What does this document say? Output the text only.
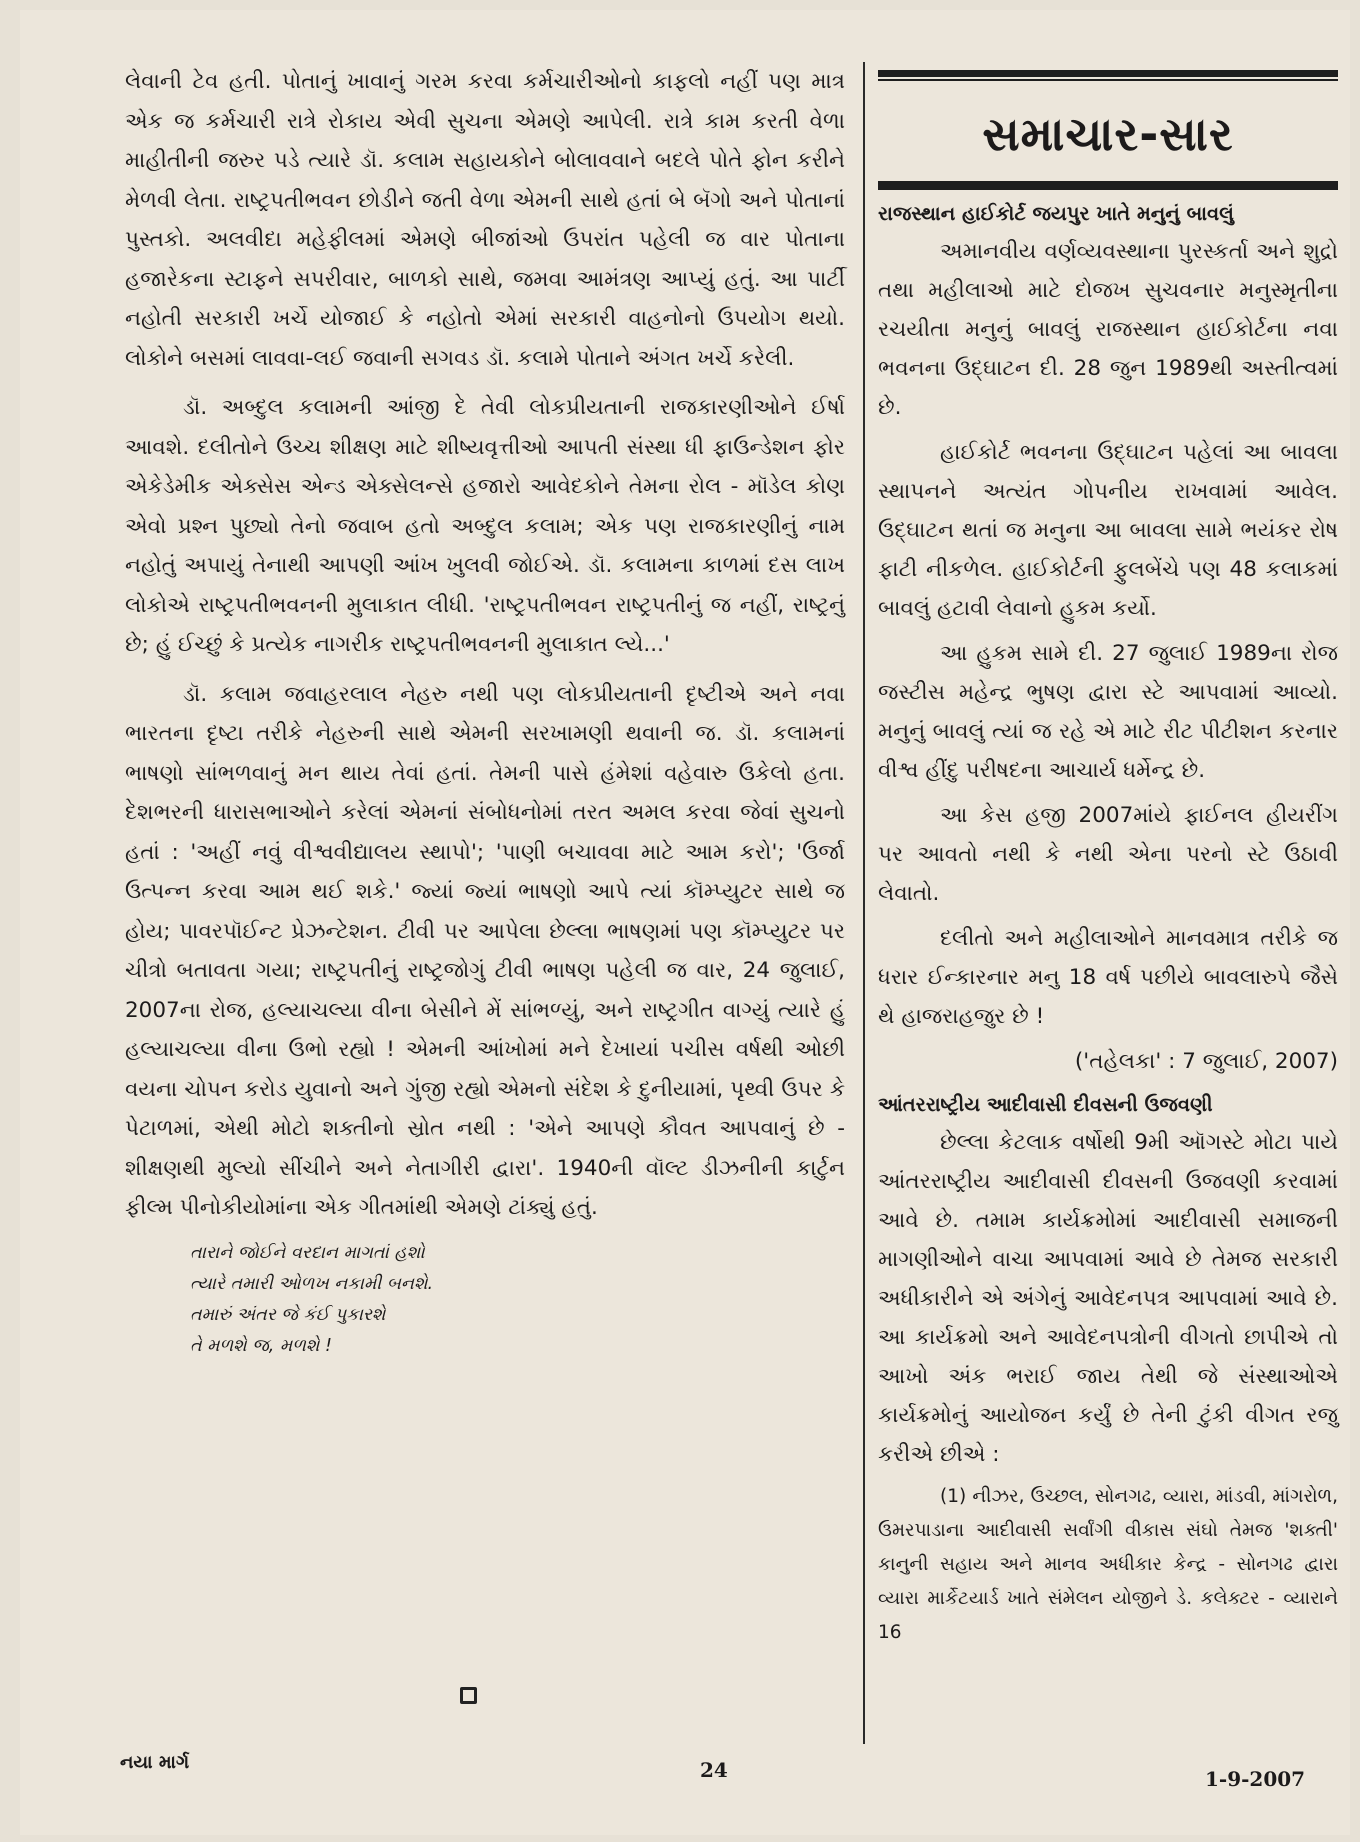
લેવાની ટેવ હતી. પોતાનું ખાવાનું ગરમ કરવા કર્મચારીઓનો કાફલો નહીં પણ માત્ર એક જ કર્મચારી રાત્રે રોકાય એવી સુચના એમણે આપેલી. રાત્રે કામ કરતી વેળા માહીતીની જરુર પડે ત્યારે ડૉ. કલામ સહાયકોને બોલાવવાને બદલે પોતે ફોન કરીને મેળવી લેતા. રાષ્ટ્રપતીભવન છોડીને જતી વેળા એમની સાથે હતાં બે બૅગો અને પોતાનાં પુસ્તકો. અલવીદા મહેફીલમાં એમણે બીજાંઓ ઉપરાંત પહેલી જ વાર પોતાના હજારેકના સ્ટાફને સપરીવાર, બાળકો સાથે, જમવા આમંત્રણ આપ્યું હતું. આ પાર્ટી નહોતી સરકારી ખર્ચે યોજાઈ કે નહોતો એમાં સરકારી વાહનોનો ઉપયોગ થયો. લોકોને બસમાં લાવવા-લઈ જવાની સગવડ ડૉ. કલામે પોતાને અંગત ખર્ચે કરેલી.

ડૉ. અબ્દુલ કલામની આંજી દે તેવી લોકપ્રીયતાની રાજકારણીઓને ઈર્ષા આવશે. દલીતોને ઉચ્ચ શીક્ષણ માટે શીષ્યવૃત્તીઓ આપતી સંસ્થા ધી ફાઉન્ડેશન ફોર એકેડેમીક એક્સેસ એન્ડ એક્સેલન્સે હજારો આવેદકોને તેમના રોલ - મૉડેલ કોણ એવો પ્રશ્ન પુછ્યો તેનો જવાબ હતો અબ્દુલ કલામ; એક પણ રાજકારણીનું નામ નહોતું અપાયું તેનાથી આપણી આંખ ખુલવી જોઈએ. ડૉ. કલામના કાળમાં દસ લાખ લોકોએ રાષ્ટ્રપતીભવનની મુલાકાત લીધી. 'રાષ્ટ્રપતીભવન રાષ્ટ્રપતીનું જ નહીં, રાષ્ટ્રનું છે; હું ઈચ્છું કે પ્રત્યેક નાગરીક રાષ્ટ્રપતીભવનની મુલાકાત લ્યે...'

ડૉ. કલામ જવાહરલાલ નેહરુ નથી પણ લોકપ્રીયતાની દૃષ્ટીએ અને નવા ભારતના દૃષ્ટા તરીકે નેહરુની સાથે એમની સરખામણી થવાની જ. ડૉ. કલામનાં ભાષણો સાંભળવાનું મન થાય તેવાં હતાં. તેમની પાસે હંમેશાં વહેવારુ ઉકેલો હતા. દેશભરની ધારાસભાઓને કરેલાં એમનાં સંબોધનોમાં તરત અમલ કરવા જેવાં સુચનો હતાં : 'અહીં નવું વીશ્વવીદ્યાલય સ્થાપો'; 'પાણી બચાવવા માટે આમ કરો'; 'ઉર્જા ઉત્પન્ન કરવા આમ થઈ શકે.' જ્યાં જ્યાં ભાષણો આપે ત્યાં કૉમ્પ્યુટર સાથે જ હોય; પાવરપૉઈન્ટ પ્રેઝન્ટેશન. ટીવી પર આપેલા છેલ્લા ભાષણમાં પણ કૉમ્પ્યુટર પર ચીત્રો બતાવતા ગયા; રાષ્ટ્રપતીનું રાષ્ટ્રજોગું ટીવી ભાષણ પહેલી જ વાર, 24 જુલાઈ, 2007ના રોજ, હલ્યાચલ્યા વીના બેસીને મેં સાંભળ્યું, અને રાષ્ટ્રગીત વાગ્યું ત્યારે હું હલ્યાચલ્યા વીના ઉભો રહ્યો ! એમની આંખોમાં મને દેખાયાં પચીસ વર્ષથી ઓછી વયના ચોપન કરોડ યુવાનો અને ગુંજી રહ્યો એમનો સંદેશ કે દુનીયામાં, પૃથ્વી ઉપર કે પેટાળમાં, એથી મોટો શક્તીનો સ્રોત નથી : 'એને આપણે કૌવત આપવાનું છે - શીક્ષણથી મુલ્યો સીંચીને અને નેતાગીરી દ્વારા'. 1940ની વૉલ્ટ ડીઝનીની કાર્ટુન ફીલ્મ પીનોકીયોમાંના એક ગીતમાંથી એમણે ટાંક્યું હતું.

તારાને જોઈને વરદાન માગતાં હશો
ત્યારે તમારી ઓળખ નકામી બનશે.
તમારું અંતર જે કંઈ પુકારશે
તે મળશે જ, મળશે !
સમાચાર-સાર
રાજસ્થાન હાઈકોર્ટ જયપુર ખાતે મનુનું બાવલું

અમાનવીય વર્ણવ્યવસ્થાના પુરસ્કર્તા અને શુદ્રો તથા મહીલાઓ માટે દોજખ સુચવનાર મનુસ્મૃતીના રચયીતા મનુનું બાવલું રાજસ્થાન હાઈકોર્ટના નવા ભવનના ઉદ્ઘાટન દી. 28 જુન 1989થી અસ્તીત્વમાં છે.

હાઈકોર્ટ ભવનના ઉદ્ઘાટન પહેલાં આ બાવલા સ્થાપનને અત્યંત ગોપનીય રાખવામાં આવેલ. ઉદ્ઘાટન થતાં જ મનુના આ બાવલા સામે ભયંકર રોષ ફાટી નીકળેલ. હાઈકોર્ટની ફુલબેંચે પણ 48 કલાકમાં બાવલું હટાવી લેવાનો હુકમ કર્યો.

આ હુકમ સામે દી. 27 જુલાઈ 1989ના રોજ જસ્ટીસ મહેન્દ્ર ભુષણ દ્વારા સ્ટે આપવામાં આવ્યો. મનુનું બાવલું ત્યાં જ રહે એ માટે રીટ પીટીશન કરનાર વીશ્વ હીંદુ પરીષદના આચાર્ય ધર્મેન્દ્ર છે.

આ કેસ હજી 2007માંયે ફાઈનલ હીયરીંગ પર આવતો નથી કે નથી એના પરનો સ્ટે ઉઠાવી લેવાતો.

દલીતો અને મહીલાઓને માનવમાત્ર તરીકે જ ધરાર ઈન્કારનાર મનુ 18 વર્ષ પછીયે બાવલારુપે જૈસે થે હાજરાહજુર છે !

('તહેલકા' : 7 જુલાઈ, 2007)
આંતરરાષ્ટ્રીય આદીવાસી દીવસની ઉજવણી

છેલ્લા કેટલાક વર્ષોથી 9મી ઑગસ્ટે મોટા પાયે આંતરરાષ્ટ્રીય આદીવાસી દીવસની ઉજવણી કરવામાં આવે છે. તમામ કાર્યક્રમોમાં આદીવાસી સમાજની માગણીઓને વાચા આપવામાં આવે છે તેમજ સરકારી અધીકારીને એ અંગેનું આવેદનપત્ર આપવામાં આવે છે. આ કાર્યક્રમો અને આવેદનપત્રોની વીગતો છાપીએ તો આખો અંક ભરાઈ જાય તેથી જે સંસ્થાઓએ કાર્યક્રમોનું આયોજન કર્યું છે તેની ટુંકી વીગત રજુ કરીએ છીએ :

(1) નીઝર, ઉચ્છલ, સોનગઢ, વ્યારા, માંડવી, માંગરોળ, ઉમરપાડાના આદીવાસી સર્વાંગી વીકાસ સંઘો તેમજ 'શક્તી' કાનુની સહાય અને માનવ અધીકાર કેન્દ્ર - સોનગઢ દ્વારા વ્યારા માર્કેટયાર્ડ ખાતે સંમેલન યોજીને ડે. કલેક્ટર - વ્યારાને 16

નયા માર્ગ	24	1-9-2007
